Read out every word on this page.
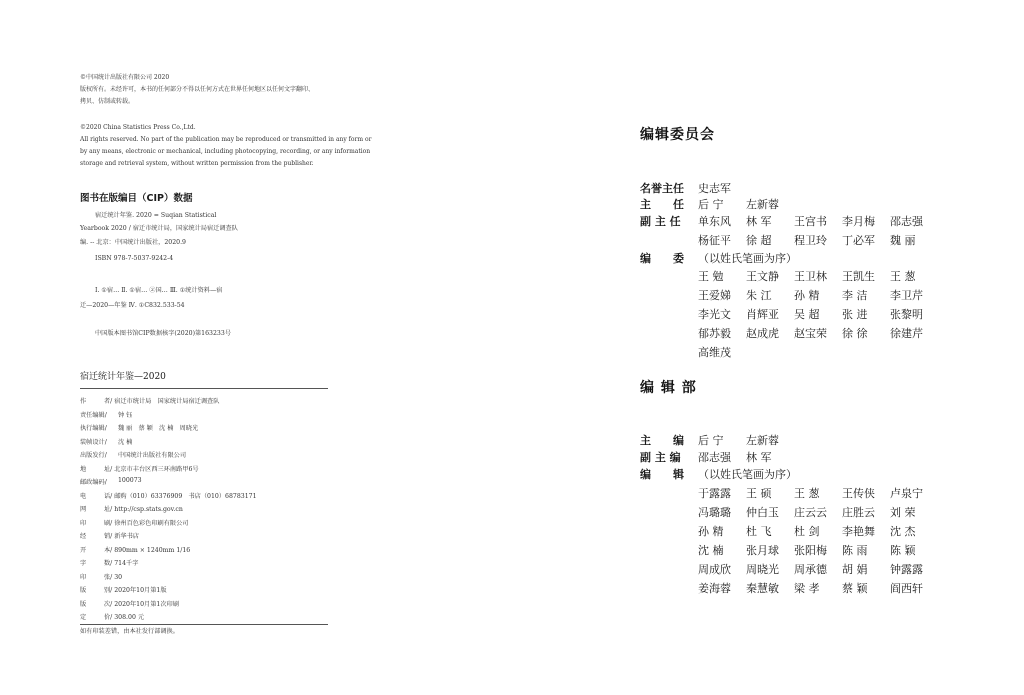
©中国统计出版社有限公司 2020
版权所有。未经许可，本书的任何部分不得以任何方式在世界任何地区以任何文字翻印、
拷贝、仿制或转载。
©2020 China Statistics Press Co.,Ltd.
All rights reserved. No part of the publication may be reproduced or transmitted in any form or
by any means, electronic or mechanical, including photocopying, recording, or any information
storage and retrieval system, without written permission from the publisher.
图书在版编目（CIP）数据
宿迁统计年鉴. 2020 = Suqian Statistical
Yearbook 2020 / 宿迁市统计局，国家统计局宿迁调查队
编. -- 北京：中国统计出版社，2020.9
ISBN 978-7-5037-9242-4
Ⅰ. ①宿… Ⅱ. ①宿… ②国… Ⅲ. ①统计资料—宿
迁—2020—年鉴 Ⅳ. ①C832.533-54
中国版本图书馆CIP数据核字(2020)第163233号
宿迁统计年鉴—2020
作	者/ 宿迁市统计局　国家统计局宿迁调查队
责任编辑/	钟 钰
执行编辑/	魏 丽　蔡 颖　沈 楠　周晓光
装帧设计/	沈 楠
出版发行/	中国统计出版社有限公司
地	址/ 北京市丰台区西三环南路甲6号
邮政编码/	100073
电	话/ 邮购（010）63376909　书店（010）68783171
网	址/ http://csp.stats.gov.cn
印	刷/ 徐州百色彩色印刷有限公司
经	销/ 新华书店
开	本/ 890mm × 1240mm 1/16
字	数/ 714千字
印	张/ 30
版	别/ 2020年10月第1版
版	次/ 2020年10月第1次印刷
定	价/ 308.00 元
如有印装差错，由本社发行部调换。
编辑委员会
名誉主任 史志军
主　　任 后 宁 左新蓉
副 主 任 单东风 林 军 王宫书 李月梅 邵志强
杨征平 徐 超 程卫玲 丁必军 魏 丽
编　　委 （以姓氏笔画为序）
王 勉 王文静 王卫林 王凯生 王 葱
王爱娣 朱 江 孙 精 李 洁 李卫芹
李光文 肖辉亚 吴 超 张 进 张黎明
郁苏毅 赵成虎 赵宝荣 徐 徐 徐建芹
高维茂
编 辑 部
主　　编 后 宁 左新蓉
副 主 编 邵志强 林 军
编　　辑 （以姓氏笔画为序）
于露露 王 硕 王 葱 王传侠 卢泉宁
冯璐璐 仲白玉 庄云云 庄胜云 刘 荣
孙 精 杜 飞 杜 剑 李艳舞 沈 杰
沈 楠 张月球 张阳梅 陈 雨 陈 颖
周成欣 周晓光 周承德 胡 娟 钟露露
姜海蓉 秦慧敏 梁 孝 蔡 颖 阎西轩
